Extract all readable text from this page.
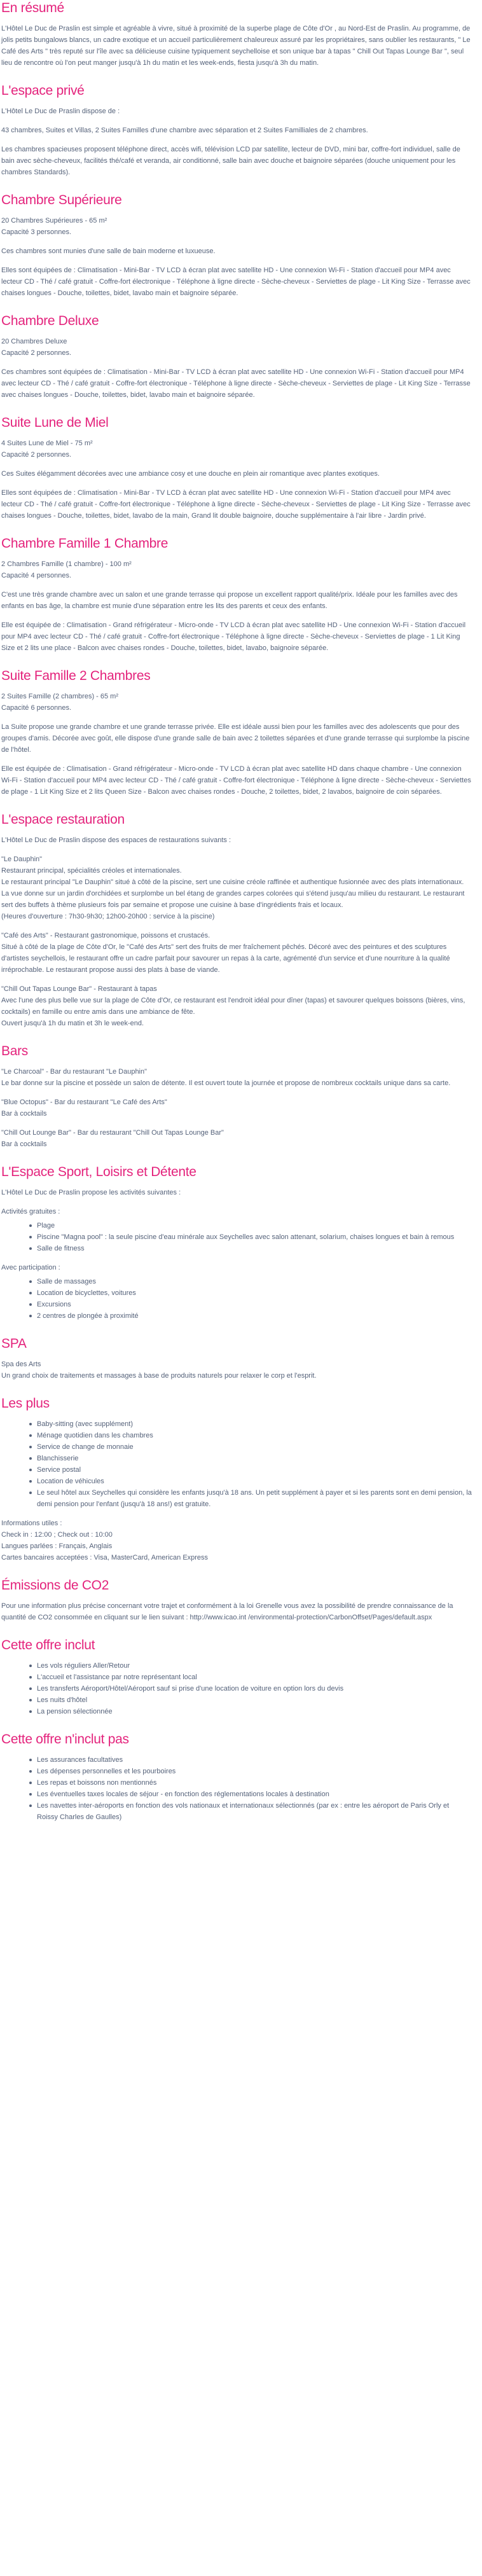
En résumé

L'Hôtel Le Duc de Praslin est simple et agréable à vivre, situé à proximité de la superbe plage de Côte d'Or , au Nord-Est de Praslin. Au programme, de jolis petits bungalows blancs, un cadre exotique et un accueil particulièrement chaleureux assuré par les propriétaires, sans oublier les restaurants, " Le Café des Arts " très reputé sur l'île avec sa délicieuse cuisine typiquement seychelloise et son unique bar à tapas " Chill Out Tapas Lounge Bar ", seul lieu de rencontre où l'on peut manger jusqu'à 1h du matin et les week-ends, fiesta jusqu'à 3h du matin.

L'espace privé

L'Hôtel Le Duc de Praslin dispose de :

43 chambres, Suites et Villas, 2 Suites Familles d'une chambre avec séparation et 2 Suites Familliales de 2 chambres.

Les chambres spacieuses proposent téléphone direct, accès wifi, télévision LCD par satellite, lecteur de DVD, mini bar, coffre-fort individuel, salle de bain avec sèche-cheveux, facilités thé/café et veranda, air conditionné, salle bain avec douche et baignoire séparées (douche uniquement pour les chambres Standards).

Chambre Supérieure

20 Chambres Supérieures - 65 m²
Capacité 3 personnes.

Ces chambres sont munies d'une salle de bain moderne et luxueuse.

Elles sont équipées de : Climatisation - Mini-Bar - TV LCD à écran plat avec satellite HD - Une connexion Wi-Fi - Station d'accueil pour MP4 avec lecteur CD - Thé / café gratuit - Coffre-fort électronique - Téléphone à ligne directe - Sèche-cheveux - Serviettes de plage - Lit King Size - Terrasse avec chaises longues - Douche, toilettes, bidet, lavabo main et baignoire séparée.

Chambre Deluxe

20 Chambres Deluxe
Capacité 2 personnes.

Ces chambres sont équipées de : Climatisation - Mini-Bar - TV LCD à écran plat avec satellite HD - Une connexion Wi-Fi - Station d'accueil pour MP4 avec lecteur CD - Thé / café gratuit - Coffre-fort électronique - Téléphone à ligne directe - Sèche-cheveux - Serviettes de plage - Lit King Size - Terrasse avec chaises longues - Douche, toilettes, bidet, lavabo main et baignoire séparée.

Suite Lune de Miel

4 Suites Lune de Miel - 75 m²
Capacité 2 personnes.

Ces Suites élégamment décorées avec une ambiance cosy et une douche en plein air romantique avec plantes exotiques.

Elles sont équipées de : Climatisation - Mini-Bar - TV LCD à écran plat avec satellite HD - Une connexion Wi-Fi - Station d'accueil pour MP4 avec lecteur CD - Thé / café gratuit - Coffre-fort électronique - Téléphone à ligne directe - Sèche-cheveux - Serviettes de plage - Lit King Size - Terrasse avec chaises longues - Douche, toilettes, bidet, lavabo de la main, Grand lit double baignoire, douche supplémentaire à l'air libre - Jardin privé.

Chambre Famille 1 Chambre

2 Chambres Famille (1 chambre) - 100 m²
Capacité 4 personnes.

C'est une très grande chambre avec un salon et une grande terrasse qui propose un excellent rapport qualité/prix. Idéale pour les familles avec des enfants en bas âge, la chambre est munie d'une séparation entre les lits des parents et ceux des enfants.

Elle est équipée de : Climatisation - Grand réfrigérateur - Micro-onde - TV LCD à écran plat avec satellite HD - Une connexion Wi-Fi - Station d'accueil pour MP4 avec lecteur CD - Thé / café gratuit - Coffre-fort électronique - Téléphone à ligne directe - Sèche-cheveux - Serviettes de plage - 1 Lit King Size et 2 lits une place - Balcon avec chaises rondes - Douche, toilettes, bidet, lavabo, baignoire séparée.

Suite Famille 2 Chambres

2 Suites Famille (2 chambres) - 65 m²
Capacité 6 personnes.

La Suite propose une grande chambre et une grande terrasse privée. Elle est idéale aussi bien pour les familles avec des adolescents que pour des groupes d'amis. Décorée avec goût, elle dispose d'une grande salle de bain avec 2 toilettes séparées et d'une grande terrasse qui surplombe la piscine de l'hôtel.

Elle est équipée de : Climatisation - Grand réfrigérateur - Micro-onde - TV LCD à écran plat avec satellite HD dans chaque chambre - Une connexion Wi-Fi - Station d'accueil pour MP4 avec lecteur CD - Thé / café gratuit - Coffre-fort électronique - Téléphone à ligne directe - Sèche-cheveux - Serviettes de plage - 1 Lit King Size et 2 lits Queen Size - Balcon avec chaises rondes - Douche, 2 toilettes, bidet, 2 lavabos, baignoire de coin séparées.

L'espace restauration

L'Hôtel Le Duc de Praslin dispose des espaces de restaurations suivants :

"Le Dauphin"
Restaurant principal, spécialités créoles et internationales.
Le restaurant principal "Le Dauphin" situé à côté de la piscine, sert une cuisine créole raffinée et authentique fusionnée avec des plats internationaux. La vue donne sur un jardin d'orchidées et surplombe un bel étang de grandes carpes colorées qui s'étend jusqu'au milieu du restaurant. Le restaurant sert des buffets à thème plusieurs fois par semaine et propose une cuisine à base d'ingrédients frais et locaux.
(Heures d'ouverture : 7h30-9h30; 12h00-20h00 : service à la piscine)

"Café des Arts" - Restaurant gastronomique, poissons et crustacés.
Situé à côté de la plage de Côte d'Or, le "Café des Arts" sert des fruits de mer fraîchement pêchés. Décoré avec des peintures et des sculptures d'artistes seychellois, le restaurant offre un cadre parfait pour savourer un repas à la carte, agrémenté d'un service et d'une nourriture à la qualité irréprochable. Le restaurant propose aussi des plats à base de viande.

"Chill Out Tapas Lounge Bar" - Restaurant à tapas
Avec l'une des plus belle vue sur la plage de Côte d'Or, ce restaurant est l'endroit idéal pour dîner (tapas) et savourer quelques boissons (bières, vins, cocktails) en famille ou entre amis dans une ambiance de fête.
Ouvert jusqu'à 1h du matin et 3h le week-end.

Bars

"Le Charcoal" - Bar du restaurant "Le Dauphin"
Le bar donne sur la piscine et possède un salon de détente. Il est ouvert toute la journée et propose de nombreux cocktails unique dans sa carte.

"Blue Octopus" - Bar du restaurant "Le Café des Arts"
Bar à cocktails

"Chill Out Lounge Bar" - Bar du restaurant "Chill Out Tapas Lounge Bar"
Bar à cocktails

L'Espace Sport, Loisirs et Détente

L'Hôtel Le Duc de Praslin propose les activités suivantes :

Activités gratuites :

Plage
Piscine "Magna pool" : la seule piscine d'eau minérale aux Seychelles avec salon attenant, solarium, chaises longues et bain à remous
Salle de fitness

Avec participation :

Salle de massages
Location de bicyclettes, voitures
Excursions
2 centres de plongée à proximité
SPA

Spa des Arts
Un grand choix de traitements et massages à base de produits naturels pour relaxer le corp et l'esprit.

Les plus
Baby-sitting (avec supplément)
Ménage quotidien dans les chambres
Service de change de monnaie
Blanchisserie
Service postal
Location de véhicules
Le seul hôtel aux Seychelles qui considère les enfants jusqu'à 18 ans. Un petit supplément à payer et si les parents sont en demi pension, la demi pension pour l'enfant (jusqu'à 18 ans!) est gratuite.

Informations utiles :
Check in : 12:00 ; Check out : 10:00
Langues parlées : Français, Anglais
Cartes bancaires acceptées : Visa, MasterCard, American Express

Émissions de CO2

Pour une information plus précise concernant votre trajet et conformément à la loi Grenelle vous avez la possibilité de prendre connaissance de la quantité de CO2 consommée en cliquant sur le lien suivant : http://www.icao.int /environmental-protection/CarbonOffset/Pages/default.aspx

Cette offre inclut
Les vols réguliers Aller/Retour
L'accueil et l'assistance par notre représentant local
Les transferts Aéroport/Hôtel/Aéroport sauf si prise d'une location de voiture en option lors du devis
Les nuits d'hôtel
La pension sélectionnée
Cette offre n'inclut pas
Les assurances facultatives
Les dépenses personnelles et les pourboires
Les repas et boissons non mentionnés
Les éventuelles taxes locales de séjour - en fonction des réglementations locales à destination
Les navettes inter-aéroports en fonction des vols nationaux et internationaux sélectionnés (par ex : entre les aéroport de Paris Orly et Roissy Charles de Gaulles)
